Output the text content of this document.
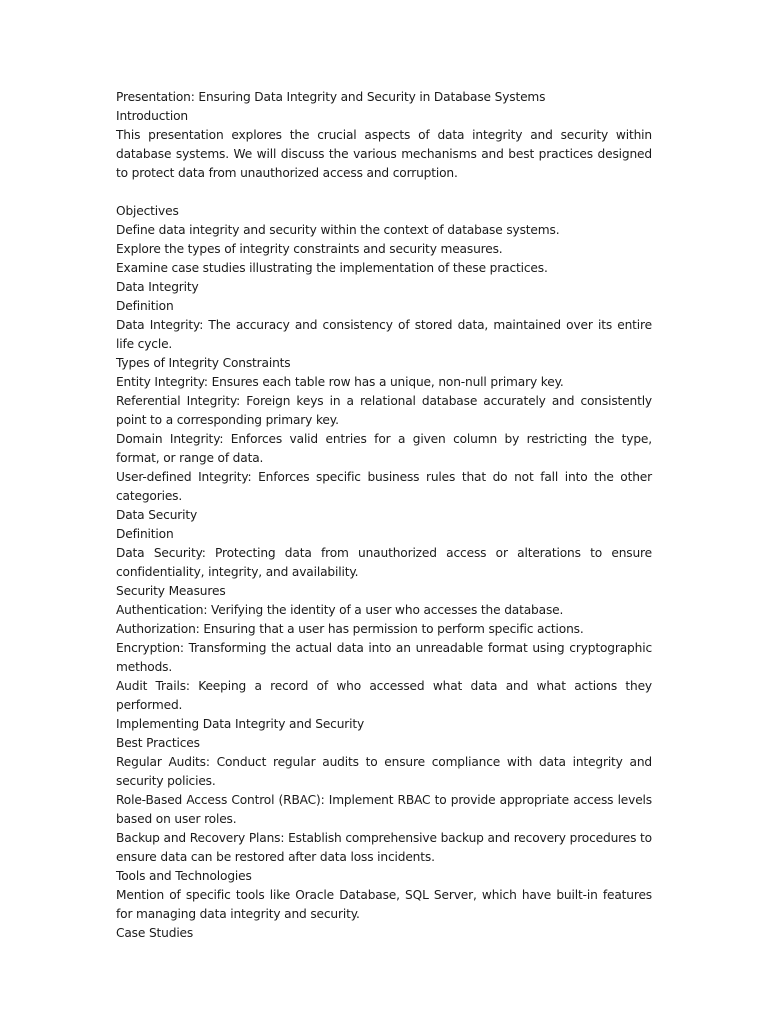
Presentation: Ensuring Data Integrity and Security in Database Systems

Introduction

This presentation explores the crucial aspects of data integrity and security within database systems. We will discuss the various mechanisms and best practices designed to protect data from unauthorized access and corruption.

Objectives

Define data integrity and security within the context of database systems.

Explore the types of integrity constraints and security measures.

Examine case studies illustrating the implementation of these practices.

Data Integrity

Definition

Data Integrity: The accuracy and consistency of stored data, maintained over its entire life cycle.

Types of Integrity Constraints

Entity Integrity: Ensures each table row has a unique, non-null primary key.

Referential Integrity: Foreign keys in a relational database accurately and consistently point to a corresponding primary key.

Domain Integrity: Enforces valid entries for a given column by restricting the type, format, or range of data.

User-defined Integrity: Enforces specific business rules that do not fall into the other categories.

Data Security

Definition

Data Security: Protecting data from unauthorized access or alterations to ensure confidentiality, integrity, and availability.

Security Measures

Authentication: Verifying the identity of a user who accesses the database.

Authorization: Ensuring that a user has permission to perform specific actions.

Encryption: Transforming the actual data into an unreadable format using cryptographic methods.

Audit Trails: Keeping a record of who accessed what data and what actions they performed.

Implementing Data Integrity and Security

Best Practices

Regular Audits: Conduct regular audits to ensure compliance with data integrity and security policies.

Role-Based Access Control (RBAC): Implement RBAC to provide appropriate access levels based on user roles.

Backup and Recovery Plans: Establish comprehensive backup and recovery procedures to ensure data can be restored after data loss incidents.

Tools and Technologies

Mention of specific tools like Oracle Database, SQL Server, which have built-in features for managing data integrity and security.

Case Studies
